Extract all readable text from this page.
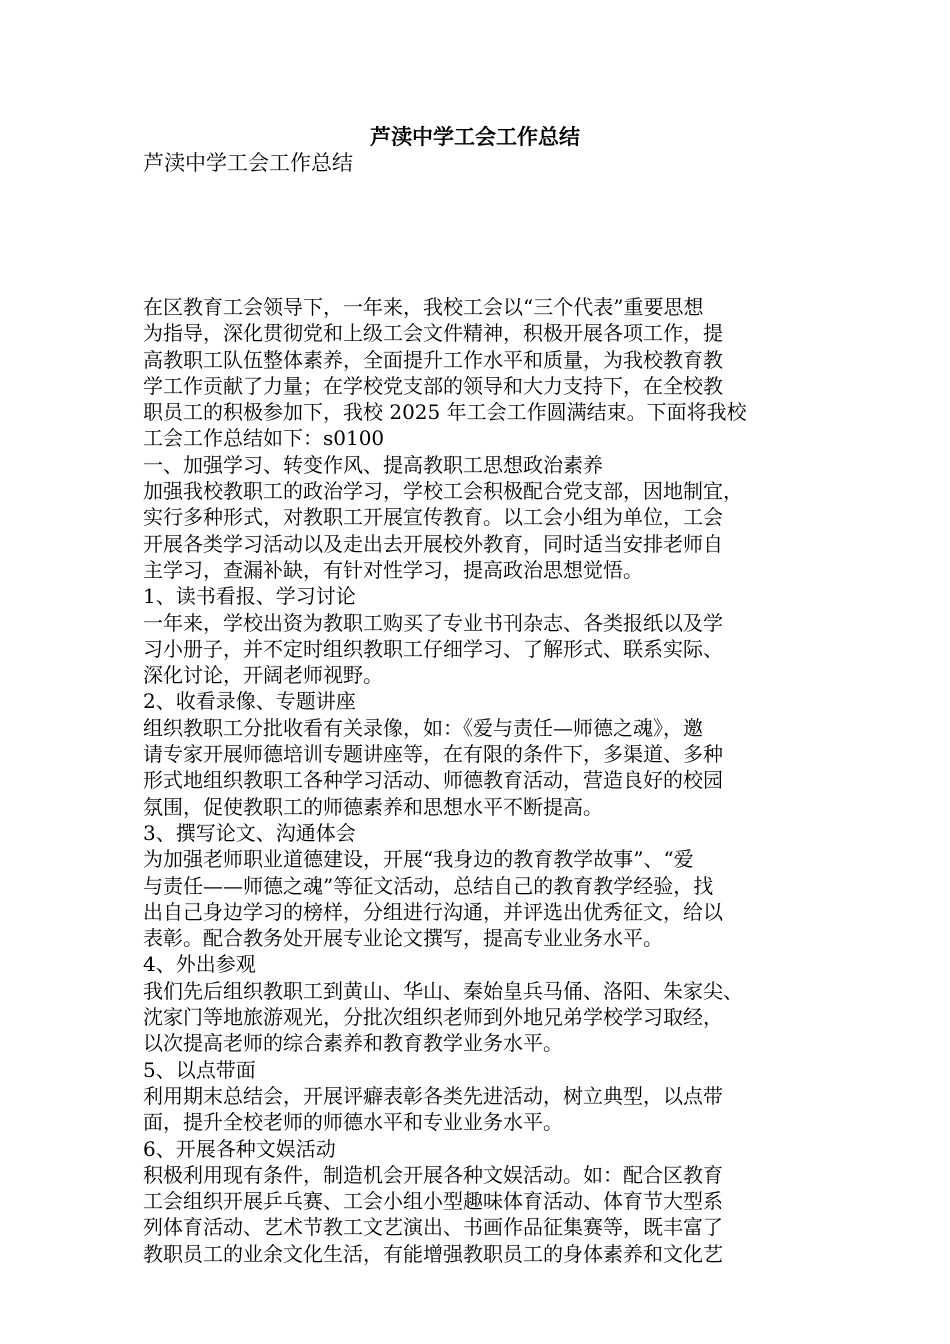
芦渎中学工会工作总结
芦渎中学工会工作总结
在区教育工会领导下，一年来，我校工会以“三个代表”重要思想
为指导，深化贯彻党和上级工会文件精神，积极开展各项工作，提
高教职工队伍整体素养，全面提升工作水平和质量，为我校教育教
学工作贡献了力量；在学校党支部的领导和大力支持下，在全校教
职员工的积极参加下，我校 2025 年工会工作圆满结束。下面将我校
工会工作总结如下：s0100
一、加强学习、转变作风、提高教职工思想政治素养
加强我校教职工的政治学习，学校工会积极配合党支部，因地制宜，
实行多种形式，对教职工开展宣传教育。以工会小组为单位，工会
开展各类学习活动以及走出去开展校外教育，同时适当安排老师自
主学习，查漏补缺，有针对性学习，提高政治思想觉悟。
1、读书看报、学习讨论
一年来，学校出资为教职工购买了专业书刊杂志、各类报纸以及学
习小册子，并不定时组织教职工仔细学习、了解形式、联系实际、
深化讨论，开阔老师视野。
2、收看录像、专题讲座
组织教职工分批收看有关录像，如：《爱与责任—师德之魂》，邀
请专家开展师德培训专题讲座等，在有限的条件下，多渠道、多种
形式地组织教职工各种学习活动、师德教育活动，营造良好的校园
氛围，促使教职工的师德素养和思想水平不断提高。
3、撰写论文、沟通体会
为加强老师职业道德建设，开展“我身边的教育教学故事”、“爱
与责任——师德之魂”等征文活动，总结自己的教育教学经验，找
出自己身边学习的榜样，分组进行沟通，并评选出优秀征文，给以
表彰。配合教务处开展专业论文撰写，提高专业业务水平。
4、外出参观
我们先后组织教职工到黄山、华山、秦始皇兵马俑、洛阳、朱家尖、
沈家门等地旅游观光，分批次组织老师到外地兄弟学校学习取经，
以次提高老师的综合素养和教育教学业务水平。
5、以点带面
利用期末总结会，开展评癖表彰各类先进活动，树立典型，以点带
面，提升全校老师的师德水平和专业业务水平。
6、开展各种文娱活动
积极利用现有条件，制造机会开展各种文娱活动。如：配合区教育
工会组织开展乒乓赛、工会小组小型趣味体育活动、体育节大型系
列体育活动、艺术节教工文艺演出、书画作品征集赛等，既丰富了
教职员工的业余文化生活，有能增强教职员工的身体素养和文化艺
